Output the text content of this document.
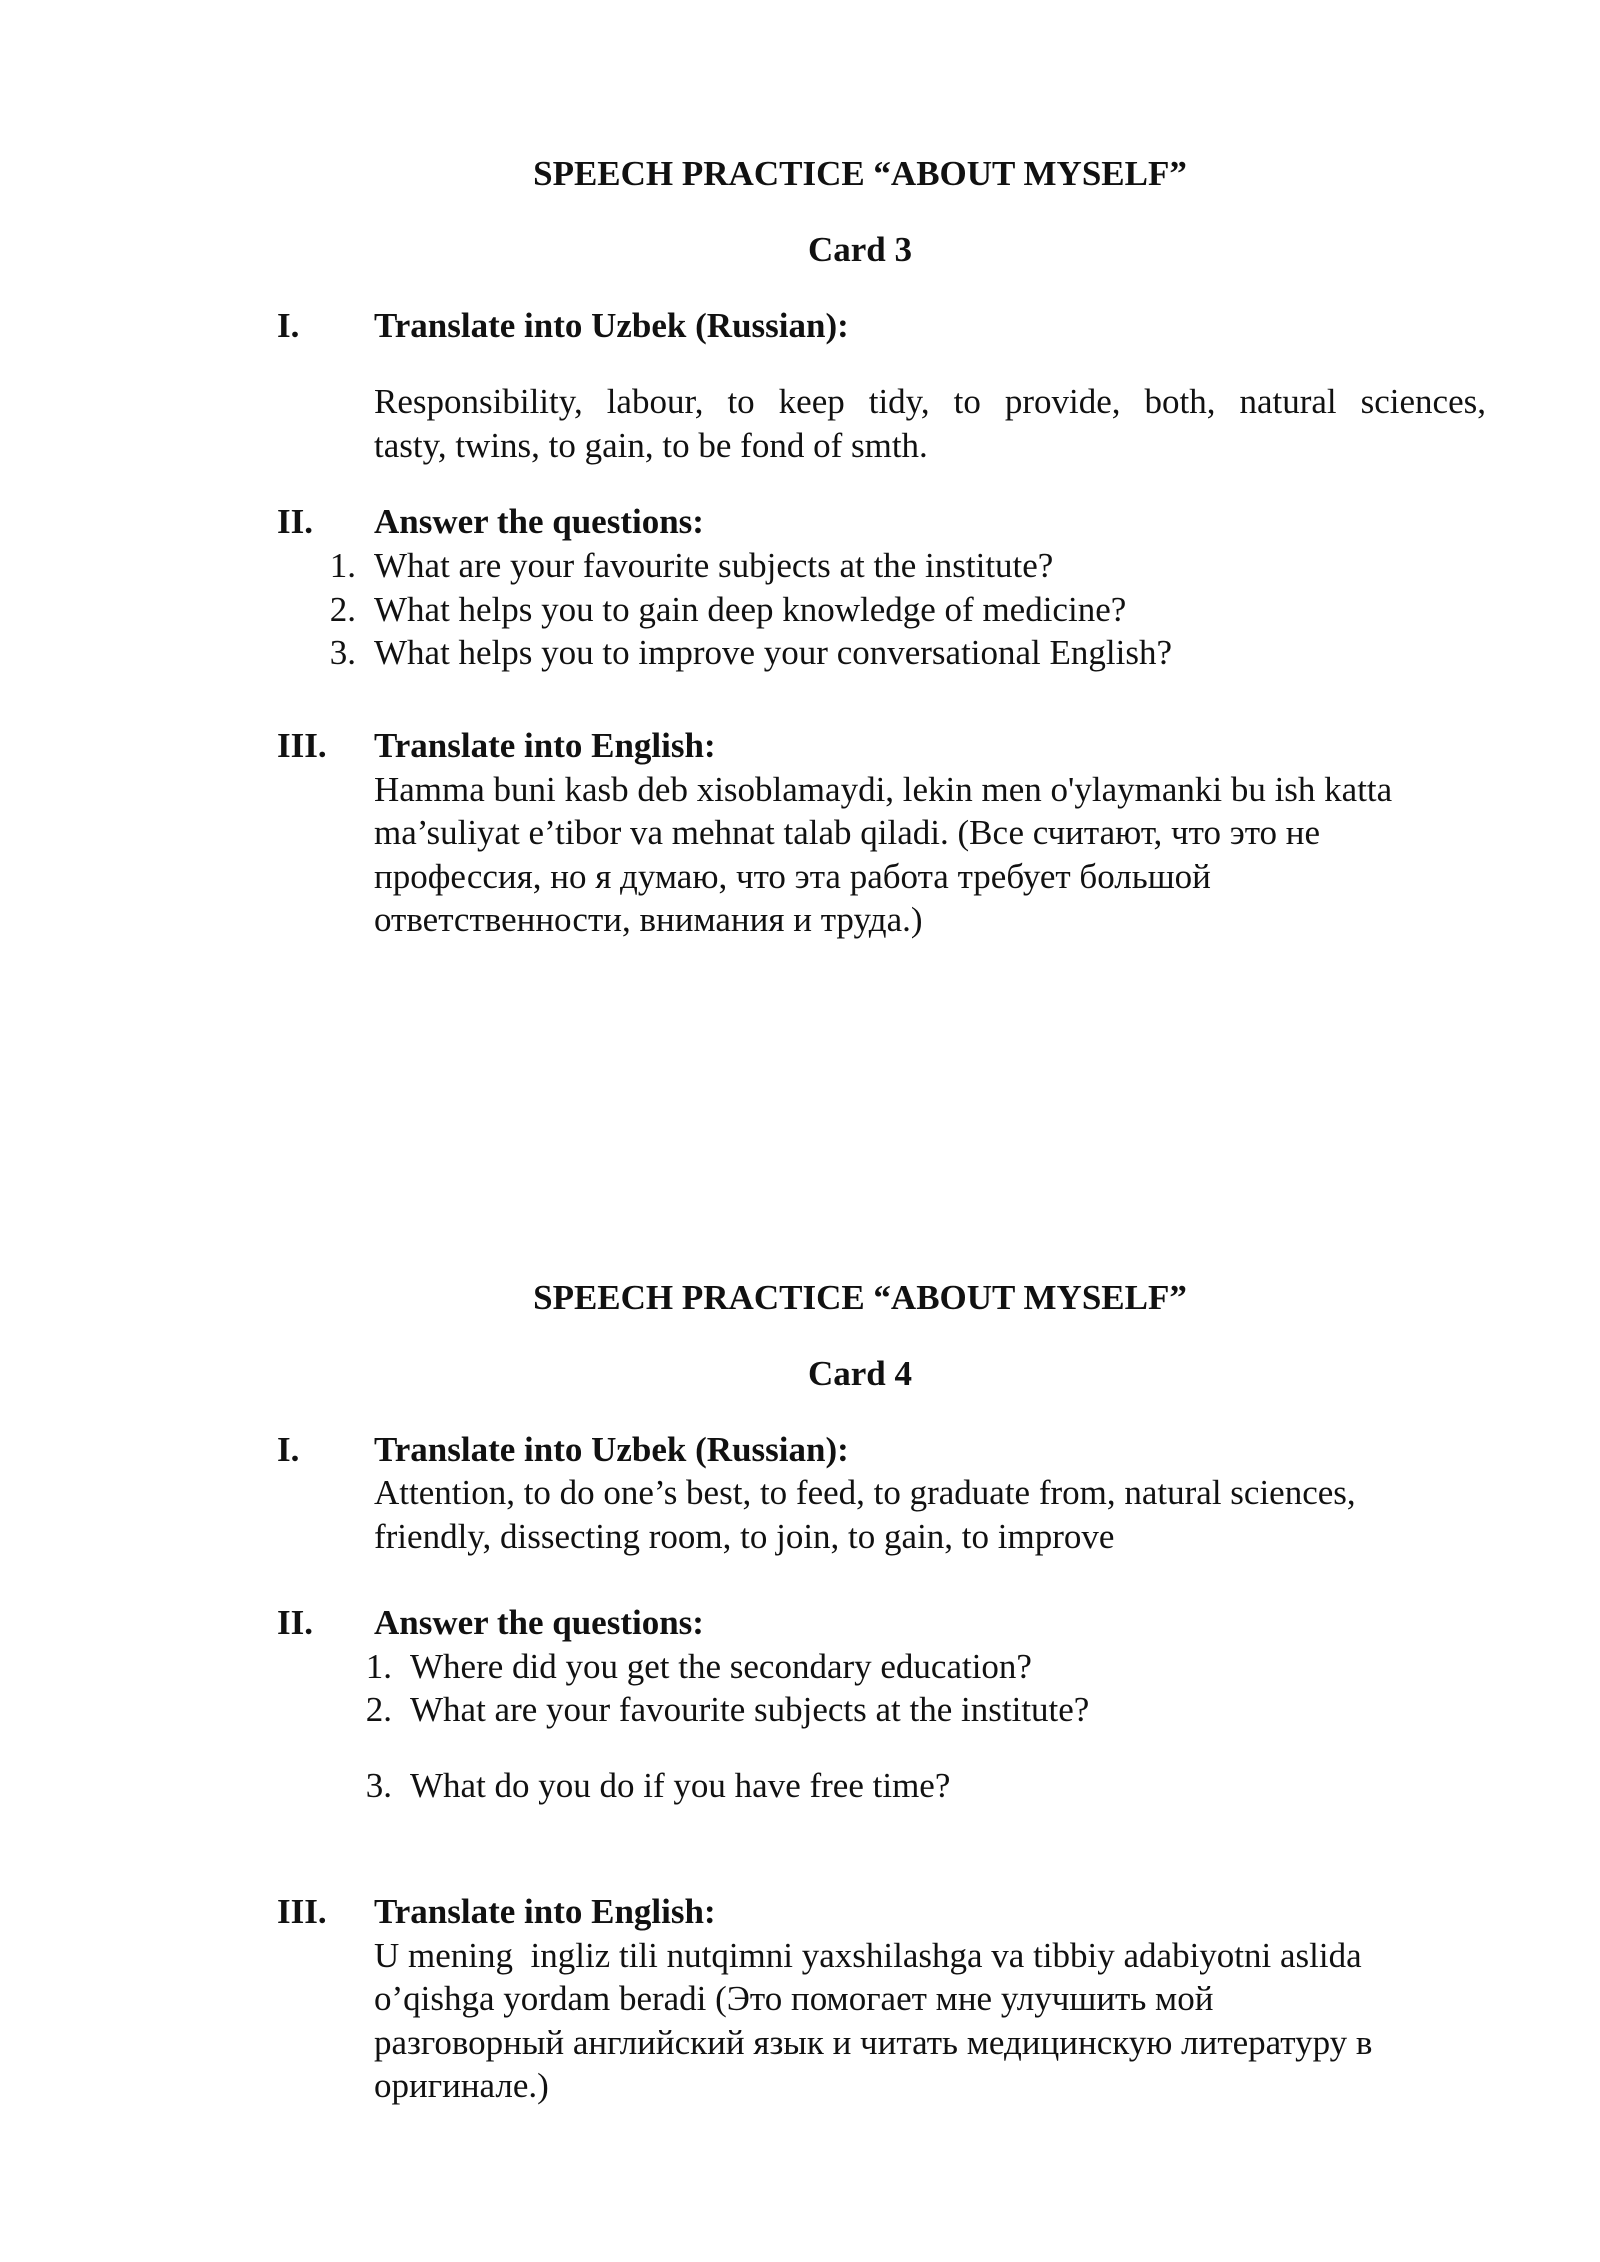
SPEECH PRACTICE “ABOUT MYSELF”
Card 3
I. Translate into Uzbek (Russian):
Responsibility, labour, to keep tidy, to provide, both, natural sciences,
tasty, twins, to gain, to be fond of smth.
II. Answer the questions:
1. What are your favourite subjects at the institute?
2. What helps you to gain deep knowledge of medicine?
3. What helps you to improve your conversational English?
III. Translate into English:
Hamma buni kasb deb xisoblamaydi, lekin men o'ylaymanki bu ish katta
ma’suliyat e’tibor va mehnat talab qiladi. (Все считают, что это не
профессия, но я думаю, что эта работа требует большой
ответственности, внимания и труда.)
SPEECH PRACTICE “ABOUT MYSELF”
Card 4
I. Translate into Uzbek (Russian):
Attention, to do one’s best, to feed, to graduate from, natural sciences,
friendly, dissecting room, to join, to gain, to improve
II. Answer the questions:
1. Where did you get the secondary education?
2. What are your favourite subjects at the institute?
3. What do you do if you have free time?
III. Translate into English:
U mening  ingliz tili nutqimni yaxshilashga va tibbiy adabiyotni aslida
o’qishga yordam beradi (Это помогает мне улучшить мой
разговорный английский язык и читать медицинскую литературу в
оригинале.)
